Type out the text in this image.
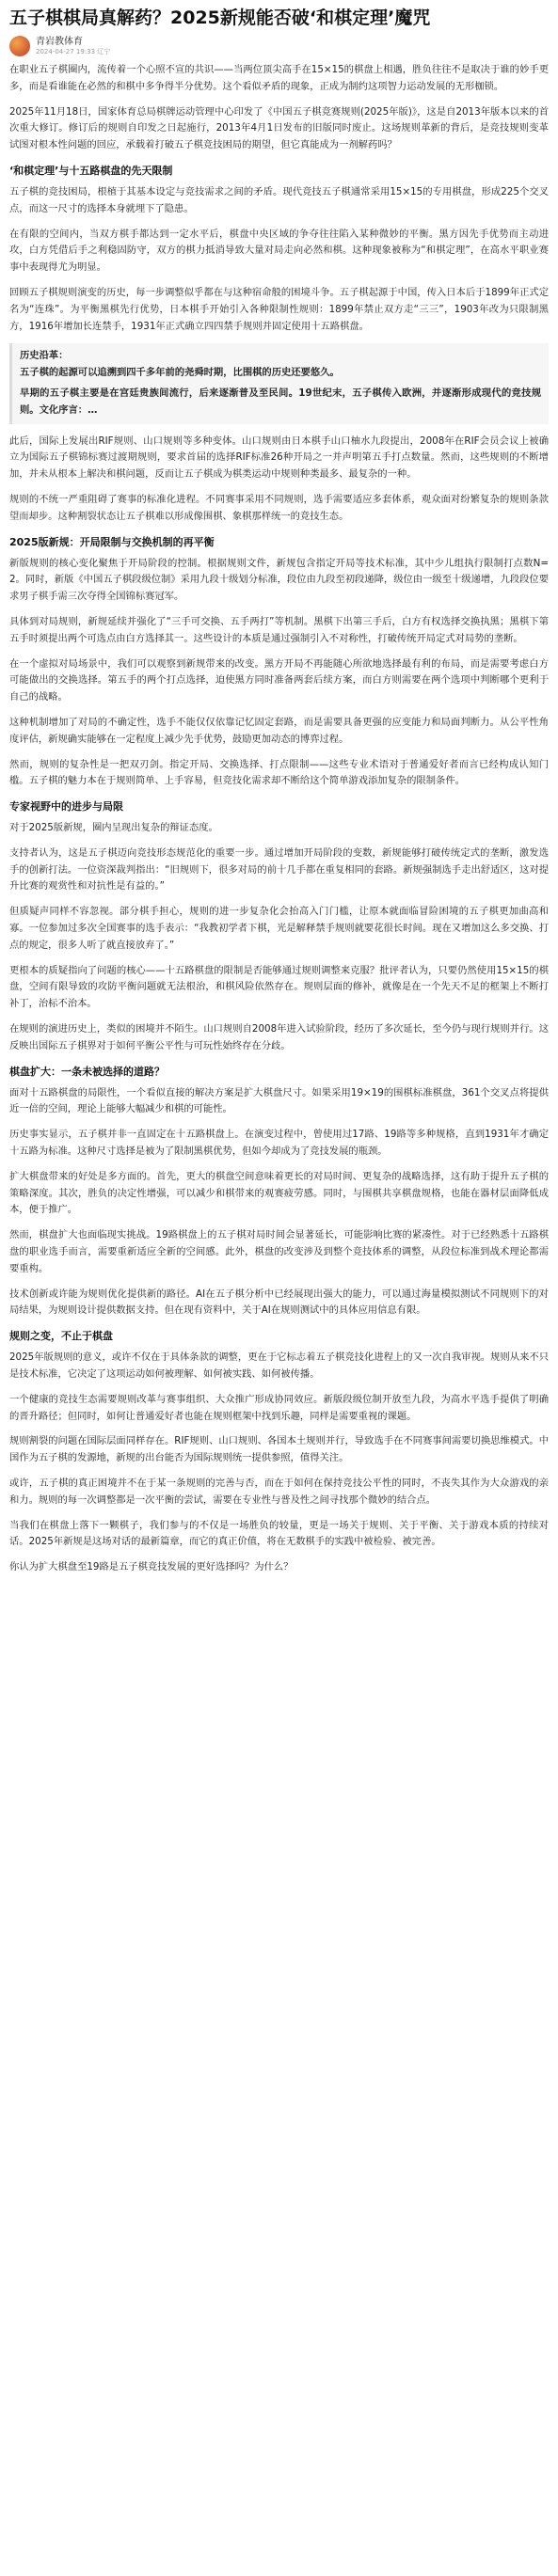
五子棋棋局真解药？2025新规能否破‘和棋定理’魔咒
青岩教体育
2024-04-27 19:33 辽宁

在职业五子棋圈内，流传着一个心照不宣的共识——当两位顶尖高手在15×15的棋盘上相遇，胜负往往不是取决于谁的妙手更多，而是看谁能在必然的和棋中多争得半分优势。这个看似矛盾的现象，正成为制约这项智力运动发展的无形枷锁。

2025年11月18日，国家体育总局棋牌运动管理中心印发了《中国五子棋竞赛规则(2025年版)》，这是自2013年版本以来的首次重大修订。修订后的规则自印发之日起施行，2013年4月1日发布的旧版同时废止。这场规则革新的背后，是竞技规则变革试图对根本性问题的回应，承载着打破五子棋竞技困局的期望，但它真能成为一剂解药吗？

‘和棋定理’与十五路棋盘的先天限制

五子棋的竞技困局，根植于其基本设定与竞技需求之间的矛盾。现代竞技五子棋通常采用15×15的专用棋盘，形成225个交叉点，而这一尺寸的选择本身就埋下了隐患。

在有限的空间内，当双方棋手都达到一定水平后，棋盘中央区域的争夺往往陷入某种微妙的平衡。黑方因先手优势而主动进攻，白方凭借后手之利稳固防守，双方的棋力抵消导致大量对局走向必然和棋。这种现象被称为“和棋定理”，在高水平职业赛事中表现得尤为明显。

回顾五子棋规则演变的历史，每一步调整似乎都在与这种宿命般的困境斗争。五子棋起源于中国，传入日本后于1899年正式定名为“连珠”。为平衡黑棋先行优势，日本棋手开始引入各种限制性规则：1899年禁止双方走“三三”，1903年改为只限制黑方，1916年增加长连禁手，1931年正式确立四四禁手规则并固定使用十五路棋盘。

历史沿革：

五子棋的起源可以追溯到四千多年前的尧舜时期，比围棋的历史还要悠久。

早期的五子棋主要是在宫廷贵族间流行，后来逐渐普及至民间。19世纪末，五子棋传入欧洲，并逐渐形成现代的竞技规则。文化序言：…

此后，国际上发展出RIF规则、山口规则等多种变体。山口规则由日本棋手山口柚水九段提出，2008年在RIF会员会议上被确立为国际五子棋锦标赛过渡期规则，要求首届的选择RIF标准26种开局之一并声明第五手打点数量。然而，这些规则的不断增加，并未从根本上解决和棋问题，反而让五子棋成为棋类运动中规则种类最多、最复杂的一种。

规则的不统一严重阻碍了赛事的标准化进程。不同赛事采用不同规则，选手需要适应多套体系，观众面对纷繁复杂的规则条款望而却步。这种割裂状态让五子棋难以形成像围棋、象棋那样统一的竞技生态。

2025版新规：开局限制与交换机制的再平衡

新版规则的核心变化聚焦于开局阶段的控制。根据规则文件，新规包含指定开局等技术标准，其中少儿组执行限制打点数N=2。同时，新版《中国五子棋段级位制》采用九段十级划分标准，段位由九段至初段递降，级位由一级至十级递增，九段段位要求男子棋手需三次夺得全国锦标赛冠军。

具体到对局规则，新规延续并强化了“三手可交换、五手两打”等机制。黑棋下出第三手后，白方有权选择交换执黑；黑棋下第五手时须提出两个可选点由白方选择其一。这些设计的本质是通过强制引入不对称性，打破传统开局定式对局势的垄断。

在一个虚拟对局场景中，我们可以观察到新规带来的改变。黑方开局不再能随心所欲地选择最有利的布局，而是需要考虑白方可能做出的交换选择。第五手的两个打点选择，迫使黑方同时准备两套后续方案，而白方则需要在两个选项中判断哪个更利于自己的战略。

这种机制增加了对局的不确定性，选手不能仅仅依靠记忆固定套路，而是需要具备更强的应变能力和局面判断力。从公平性角度评估，新规确实能够在一定程度上减少先手优势，鼓励更加动态的博弈过程。

然而，规则的复杂性是一把双刃剑。指定开局、交换选择、打点限制——这些专业术语对于普通爱好者而言已经构成认知门槛。五子棋的魅力本在于规则简单、上手容易，但竞技化需求却不断给这个简单游戏添加复杂的限制条件。

专家视野中的进步与局限

对于2025版新规，圈内呈现出复杂的辩证态度。

支持者认为，这是五子棋迈向竞技形态规范化的重要一步。通过增加开局阶段的变数，新规能够打破传统定式的垄断，激发选手的创新打法。一位资深裁判指出：“旧规则下，很多对局的前十几手都在重复相同的套路。新规强制选手走出舒适区，这对提升比赛的观赏性和对抗性是有益的。”

但质疑声同样不容忽视。部分棋手担心，规则的进一步复杂化会抬高入门门槛，让原本就面临冒险困境的五子棋更加曲高和寡。一位参加过多次全国赛事的选手表示：“我教初学者下棋，光是解释禁手规则就要花很长时间。现在又增加这么多交换、打点的规定，很多人听了就直接放弃了。”

更根本的质疑指向了问题的核心——十五路棋盘的限制是否能够通过规则调整来克服？批评者认为，只要仍然使用15×15的棋盘，空间有限导致的攻防平衡问题就无法根治，和棋风险依然存在。规则层面的修补，就像是在一个先天不足的框架上不断打补丁，治标不治本。

在规则的演进历史上，类似的困境并不陌生。山口规则自2008年进入试验阶段，经历了多次延长，至今仍与现行规则并行。这反映出国际五子棋界对于如何平衡公平性与可玩性始终存在分歧。

棋盘扩大：一条未被选择的道路？

面对十五路棋盘的局限性，一个看似直接的解决方案是扩大棋盘尺寸。如果采用19×19的围棋标准棋盘，361个交叉点将提供近一倍的空间，理论上能够大幅减少和棋的可能性。

历史事实显示，五子棋并非一直固定在十五路棋盘上。在演变过程中，曾使用过17路、19路等多种规格，直到1931年才确定十五路为标准。这种尺寸选择是被为了限制黑棋优势，但如今却成为了竞技发展的瓶颈。

扩大棋盘带来的好处是多方面的。首先，更大的棋盘空间意味着更长的对局时间、更复杂的战略选择，这有助于提升五子棋的策略深度。其次，胜负的决定性增强，可以减少和棋带来的观赛疲劳感。同时，与围棋共享棋盘规格，也能在器材层面降低成本，便于推广。

然而，棋盘扩大也面临现实挑战。19路棋盘上的五子棋对局时间会显著延长，可能影响比赛的紧凑性。对于已经熟悉十五路棋盘的职业选手而言，需要重新适应全新的空间感。此外，棋盘的改变涉及到整个竞技体系的调整，从段位标准到战术理论都需要重构。

技术创新或许能为规则优化提供新的路径。AI在五子棋分析中已经展现出强大的能力，可以通过海量模拟测试不同规则下的对局结果，为规则设计提供数据支持。但在现有资料中，关于AI在规则测试中的具体应用信息有限。

规则之变，不止于棋盘

2025年版规则的意义，或许不仅在于具体条款的调整，更在于它标志着五子棋竞技化进程上的又一次自我审视。规则从来不只是技术标准，它决定了这项运动如何被理解、如何被实践、如何被传播。

一个健康的竞技生态需要规则改革与赛事组织、大众推广形成协同效应。新版段级位制开放至九段，为高水平选手提供了明确的晋升路径；但同时，如何让普通爱好者也能在规则框架中找到乐趣，同样是需要重视的课题。

规则割裂的问题在国际层面同样存在。RIF规则、山口规则、各国本土规则并行，导致选手在不同赛事间需要切换思维模式。中国作为五子棋的发源地，新规的出台能否为国际规则统一提供参照，值得关注。

或许，五子棋的真正困境并不在于某一条规则的完善与否，而在于如何在保持竞技公平性的同时，不丧失其作为大众游戏的亲和力。规则的每一次调整都是一次平衡的尝试，需要在专业性与普及性之间寻找那个微妙的结合点。

当我们在棋盘上落下一颗棋子，我们参与的不仅是一场胜负的较量，更是一场关于规则、关于平衡、关于游戏本质的持续对话。2025年新规是这场对话的最新篇章，而它的真正价值，将在无数棋手的实践中被检验、被完善。

你认为扩大棋盘至19路是五子棋竞技发展的更好选择吗？为什么？
